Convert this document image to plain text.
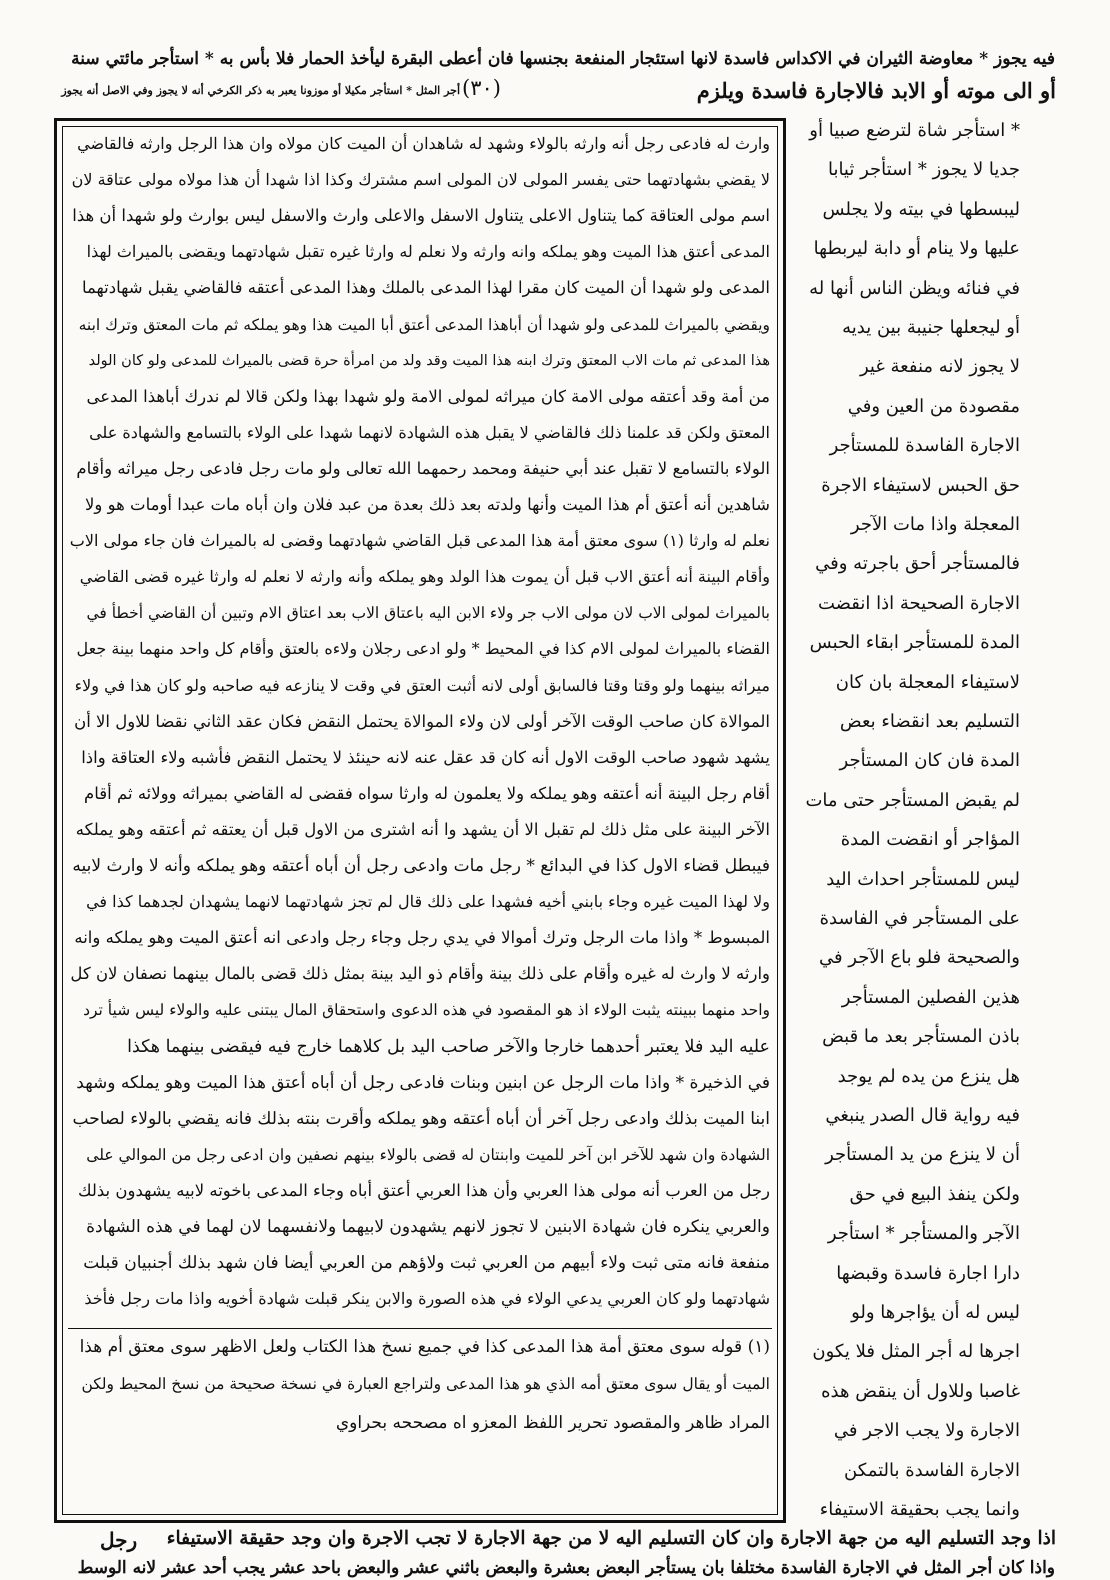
فيه يجوز * معاوضة الثيران في الاكداس فاسدة لانها استئجار المنفعة بجنسها فان أعطى البقرة ليأخذ الحمار فلا بأس به * استأجر مائتي سنة
أو الى موته أو الابد فالاجارة فاسدة ويلزم
(٣٠)
أجر المثل * استأجر مكيلا أو موزونا يعبر به ذكر الكرخي أنه لا يجوز وفي الاصل أنه يجوز
وارث له فادعى رجل أنه وارثه بالولاء وشهد له شاهدان أن الميت كان مولاه وان هذا الرجل وارثه فالقاضي
لا يقضي بشهادتهما حتى يفسر المولى لان المولى اسم مشترك وكذا اذا شهدا أن هذا مولاه مولى عتاقة لان
اسم مولى العتاقة كما يتناول الاعلى يتناول الاسفل والاعلى وارث والاسفل ليس بوارث ولو شهدا أن هذا
المدعى أعتق هذا الميت وهو يملكه وانه وارثه ولا نعلم له وارثا غيره تقبل شهادتهما ويقضى بالميراث لهذا
المدعى ولو شهدا أن الميت كان مقرا لهذا المدعى بالملك وهذا المدعى أعتقه فالقاضي يقبل شهادتهما
ويقضي بالميراث للمدعى ولو شهدا أن أباهذا المدعى أعتق أبا الميت هذا وهو يملكه ثم مات المعتق وترك ابنه
هذا المدعى ثم مات الاب المعتق وترك ابنه هذا الميت وقد ولد من امرأة حرة قضى بالميراث للمدعى ولو كان الولد
من أمة وقد أعتقه مولى الامة كان ميراثه لمولى الامة ولو شهدا بهذا ولكن قالا لم ندرك أباهذا المدعى
المعتق ولكن قد علمنا ذلك فالقاضي لا يقبل هذه الشهادة لانهما شهدا على الولاء بالتسامع والشهادة على
الولاء بالتسامع لا تقبل عند أبي حنيفة ومحمد رحمهما الله تعالى ولو مات رجل فادعى رجل ميراثه وأقام
شاهدين أنه أعتق أم هذا الميت وأنها ولدته بعد ذلك بعدة من عبد فلان وان أباه مات عبدا أومات هو ولا
نعلم له وارثا (١) سوى معتق أمة هذا المدعى قبل القاضي شهادتهما وقضى له بالميراث فان جاء مولى الاب
وأقام البينة أنه أعتق الاب قبل أن يموت هذا الولد وهو يملكه وأنه وارثه لا نعلم له وارثا غيره قضى القاضي
بالميراث لمولى الاب لان مولى الاب جر ولاء الابن اليه باعتاق الاب بعد اعتاق الام وتبين أن القاضي أخطأ في
القضاء بالميراث لمولى الام كذا في المحيط * ولو ادعى رجلان ولاءه بالعتق وأقام كل واحد منهما بينة جعل
ميراثه بينهما ولو وقتا وقتا فالسابق أولى لانه أثبت العتق في وقت لا ينازعه فيه صاحبه ولو كان هذا في ولاء
الموالاة كان صاحب الوقت الآخر أولى لان ولاء الموالاة يحتمل النقض فكان عقد الثاني نقضا للاول الا أن
يشهد شهود صاحب الوقت الاول أنه كان قد عقل عنه لانه حينئذ لا يحتمل النقض فأشبه ولاء العتاقة واذا
أقام رجل البينة أنه أعتقه وهو يملكه ولا يعلمون له وارثا سواه فقضى له القاضي بميراثه وولائه ثم أقام
الآخر البينة على مثل ذلك لم تقبل الا أن يشهد وا أنه اشترى من الاول قبل أن يعتقه ثم أعتقه وهو يملكه
فيبطل قضاء الاول كذا في البدائع * رجل مات وادعى رجل أن أباه أعتقه وهو يملكه وأنه لا وارث لابيه
ولا لهذا الميت غيره وجاء بابني أخيه فشهدا على ذلك قال لم تجز شهادتهما لانهما يشهدان لجدهما كذا في
المبسوط * واذا مات الرجل وترك أموالا في يدي رجل وجاء رجل وادعى انه أعتق الميت وهو يملكه وانه
وارثه لا وارث له غيره وأقام على ذلك بينة وأقام ذو اليد بينة بمثل ذلك قضى بالمال بينهما نصفان لان كل
واحد منهما ببينته يثبت الولاء اذ هو المقصود في هذه الدعوى واستحقاق المال يبتنى عليه والولاء ليس شيأ ترد
عليه اليد فلا يعتبر أحدهما خارجا والآخر صاحب اليد بل كلاهما خارج فيه فيقضى بينهما هكذا
في الذخيرة * واذا مات الرجل عن ابنين وبنات فادعى رجل أن أباه أعتق هذا الميت وهو يملكه وشهد
ابنا الميت بذلك وادعى رجل آخر أن أباه أعتقه وهو يملكه وأقرت بنته بذلك فانه يقضي بالولاء لصاحب
الشهادة وان شهد للآخر ابن آخر للميت وابنتان له قضى بالولاء بينهم نصفين وان ادعى رجل من الموالي على
رجل من العرب أنه مولى هذا العربي وأن هذا العربي أعتق أباه وجاء المدعى باخوته لابيه يشهدون بذلك
والعربي ينكره فان شهادة الابنين لا تجوز لانهم يشهدون لابيهما ولانفسهما لان لهما في هذه الشهادة
منفعة فانه متى ثبت ولاء أبيهم من العربي ثبت ولاؤهم من العربي أيضا فان شهد بذلك أجنبيان قبلت
شهادتهما ولو كان العربي يدعي الولاء في هذه الصورة والابن ينكر قبلت شهادة أخويه واذا مات رجل فأخذ
(١) قوله سوى معتق أمة هذا المدعى كذا في جميع نسخ هذا الكتاب ولعل الاظهر سوى معتق أم هذا
الميت أو يقال سوى معتق أمه الذي هو هذا المدعى ولتراجع العبارة في نسخة صحيحة من نسخ المحيط ولكن
المراد ظاهر والمقصود تحرير اللفظ المعزو اه مصححه بحراوي
* استأجر شاة لترضع صبيا أو
جديا لا يجوز * استأجر ثيابا
ليبسطها في بيته ولا يجلس
عليها ولا ينام أو دابة ليربطها
في فنائه ويظن الناس أنها له
أو ليجعلها جنيبة بين يديه
لا يجوز لانه منفعة غير
مقصودة من العين وفي
الاجارة الفاسدة للمستأجر
حق الحبس لاستيفاء الاجرة
المعجلة واذا مات الآجر
فالمستأجر أحق باجرته وفي
الاجارة الصحيحة اذا انقضت
المدة للمستأجر ابقاء الحبس
لاستيفاء المعجلة بان كان
التسليم بعد انقضاء بعض
المدة فان كان المستأجر
لم يقبض المستأجر حتى مات
المؤاجر أو انقضت المدة
ليس للمستأجر احداث اليد
على المستأجر في الفاسدة
والصحيحة فلو باع الآجر في
هذين الفصلين المستأجر
باذن المستأجر بعد ما قبض
هل ينزع من يده لم يوجد
فيه رواية قال الصدر ينبغي
أن لا ينزع من يد المستأجر
ولكن ينفذ البيع في حق
الآجر والمستأجر * استأجر
دارا اجارة فاسدة وقبضها
ليس له أن يؤاجرها ولو
اجرها له أجر المثل فلا يكون
غاصبا وللاول أن ينقض هذه
الاجارة ولا يجب الاجر في
الاجارة الفاسدة بالتمكن
وانما يجب بحقيقة الاستيفاء
اذا وجد التسليم اليه من جهة الاجارة وان كان التسليم اليه لا من جهة الاجارة لا تجب الاجرة وان وجد حقيقة الاستيفاء
رجل
واذا كان أجر المثل في الاجارة الفاسدة مختلفا بان يستأجر البعض بعشرة والبعض باثني عشر والبعض باحد عشر يجب أحد عشر لانه الوسط
